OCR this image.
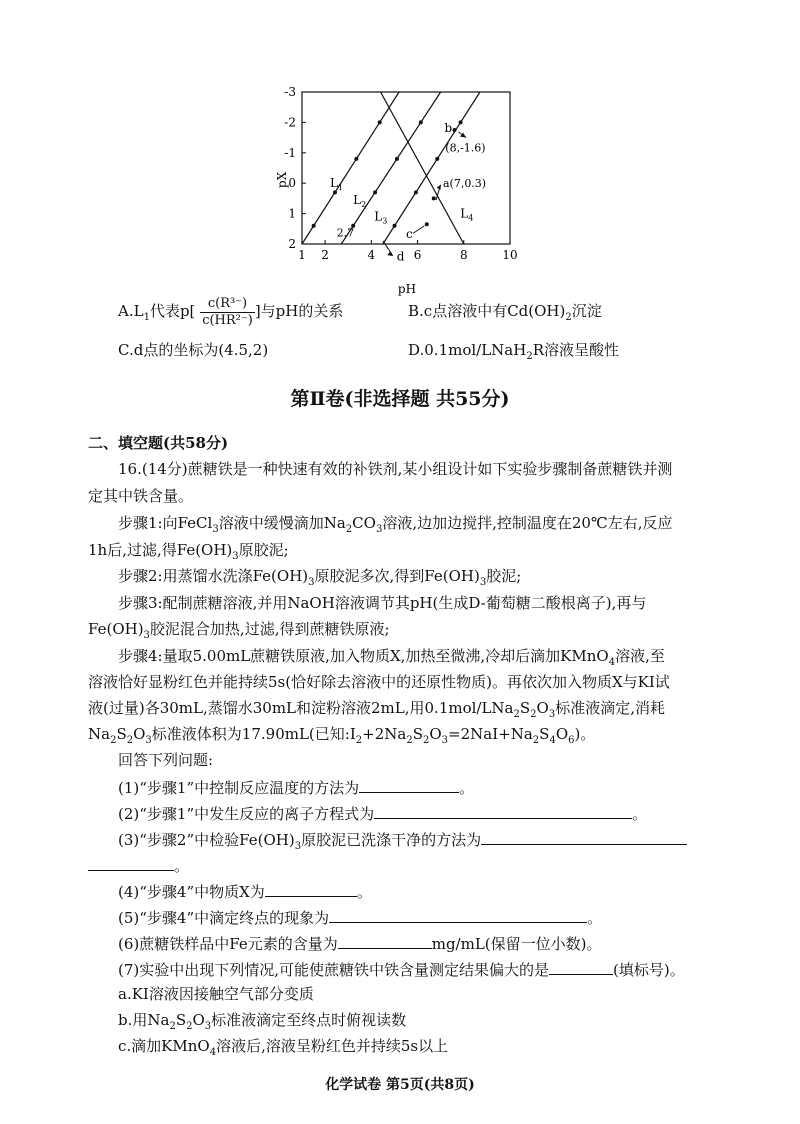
-3
-2
-1
0
1
2
1 2	4	6	8	10
$L_1$
$L_2$
$L_3$
$L_4$
b
(8,-1.6)
a(7,0.3)
c
d
2.7
pX
pH
$A.L_1$代表$p[ \frac{\text{c(R³⁻)}}{\text{c(HR²⁻)}}$ ]与pH的关系	B.c点溶液中有$Cd(OH)_2$沉淀
C.d点的坐标为(4.5,2)	D.0.1mol/LNaH$_2$R溶液呈酸性
第Ⅱ卷(非选择题 共55分)
二、填空题(共58分)
16.(14分)蔗糖铁是一种快速有效的补铁剂,某小组设计如下实验步骤制备蔗糖铁并测
定其中铁含量。
步骤1:向FeCl$_3$溶液中缓慢滴加$Na_2CO_3$溶液,边加边搅拌,控制温度在20℃左右,反应
1h后,过滤,得$Fe(OH)_3$原胶泥;
步骤2:用蒸馏水洗涤$Fe(OH)_3$原胶泥多次,得到$Fe(OH)_3$胶泥;
步骤3:配制蔗糖溶液,并用NaOH溶液调节其pH(生成D-葡萄糖二酸根离子),再与
$Fe(OH)_3$胶泥混合加热,过滤,得到蔗糖铁原液;
步骤4:量取5.00mL蔗糖铁原液,加入物质X,加热至微沸,冷却后滴加KMnO$_4$溶液,至
溶液恰好显粉红色并能持续5s(恰好除去溶液中的还原性物质)。再依次加入物质X与KI试
液(过量)各30mL,蒸馏水30mL和淀粉溶液2mL,用$0.1mol/LNa_2S_2O_3$标准液滴定,消耗
$Na_2S_2O_3$标准液体积为17.90mL(已知$:I_2+2Na_2S_2O_3=2NaI+Na_2S_4O_6$)。
回答下列问题:
(1)“步骤1”中控制反应温度的方法为	。
(2)“步骤1”中发生反应的离子方程式为	。
(3)“步骤2”中检验$Fe(OH)_3$原胶泥已洗涤干净的方法为
。
(4)“步骤4”中物质X为	。
(5)“步骤4”中滴定终点的现象为	。
(6)蔗糖铁样品中Fe元素的含量为	mg/mL(保留一位小数)。
(7)实验中出现下列情况,可能使蔗糖铁中铁含量测定结果偏大的是	(填标号)。
a.KI溶液因接触空气部分变质
b.用$Na_2S_2O_3$标准液滴定至终点时俯视读数
c.滴加KMnO$_4$溶液后,溶液呈粉红色并持续5s以上
化学试卷 第5页(共8页)
